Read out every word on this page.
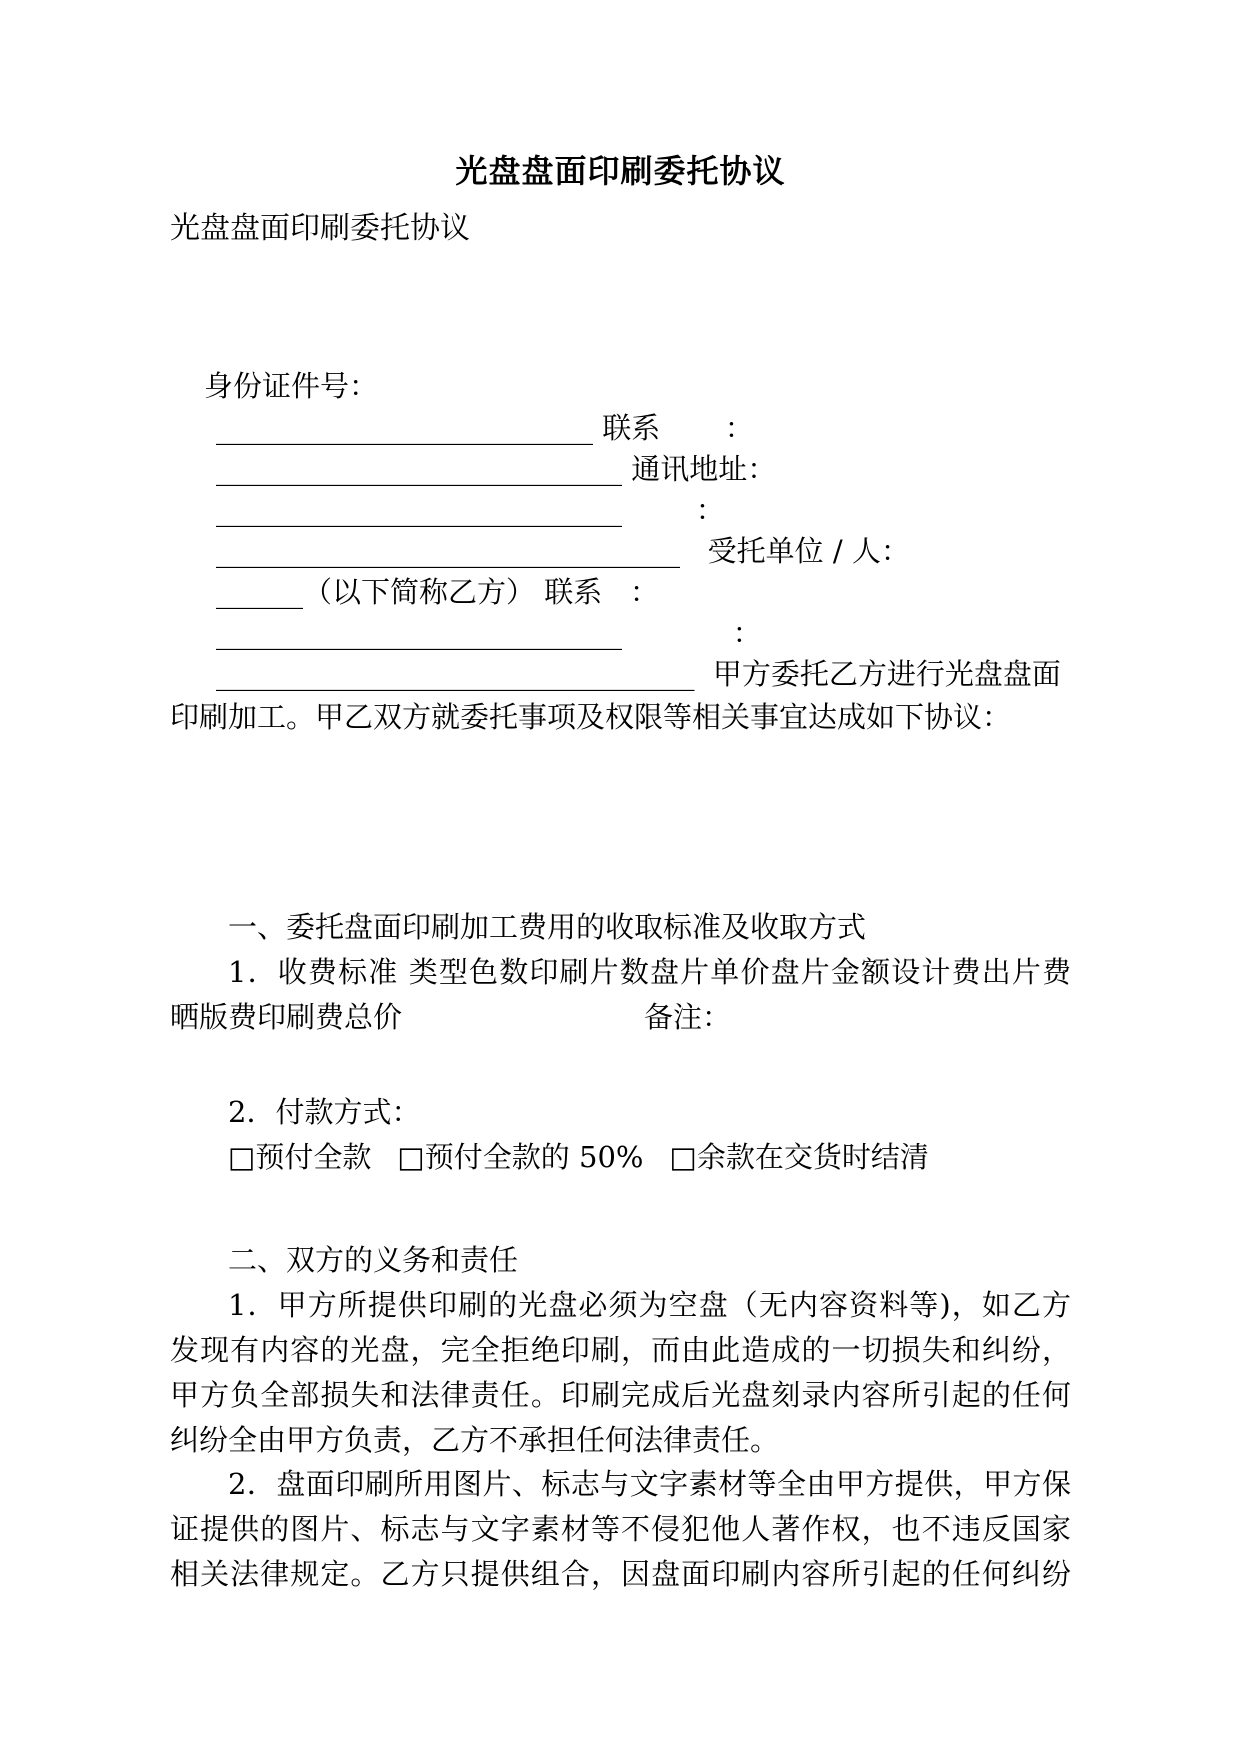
光盘盘面印刷委托协议
光盘盘面印刷委托协议
身份证件号：
__________________________ 联系       ：
____________________________ 通讯地址：
____________________________        ：
________________________________   受托单位 / 人：
______（以下简称乙方） 联系   ：
____________________________            ：
_________________________________  甲方委托乙方进行光盘盘面
印刷加工。甲乙双方就委托事项及权限等相关事宜达成如下协议：
一、委托盘面印刷加工费用的收取标准及收取方式
1．收费标准 类型色数印刷片数盘片单价盘片金额设计费出片费
晒版费印刷费总价	备注：
2．付款方式：
□预付全款 □预付全款的 50% □余款在交货时结清
二、双方的义务和责任
1．甲方所提供印刷的光盘必须为空盘（无内容资料等)，如乙方
发现有内容的光盘，完全拒绝印刷，而由此造成的一切损失和纠纷，
甲方负全部损失和法律责任。印刷完成后光盘刻录内容所引起的任何
纠纷全由甲方负责，乙方不承担任何法律责任。
2．盘面印刷所用图片、标志与文字素材等全由甲方提供，甲方保
证提供的图片、标志与文字素材等不侵犯他人著作权，也不违反国家
相关法律规定。乙方只提供组合，因盘面印刷内容所引起的任何纠纷
